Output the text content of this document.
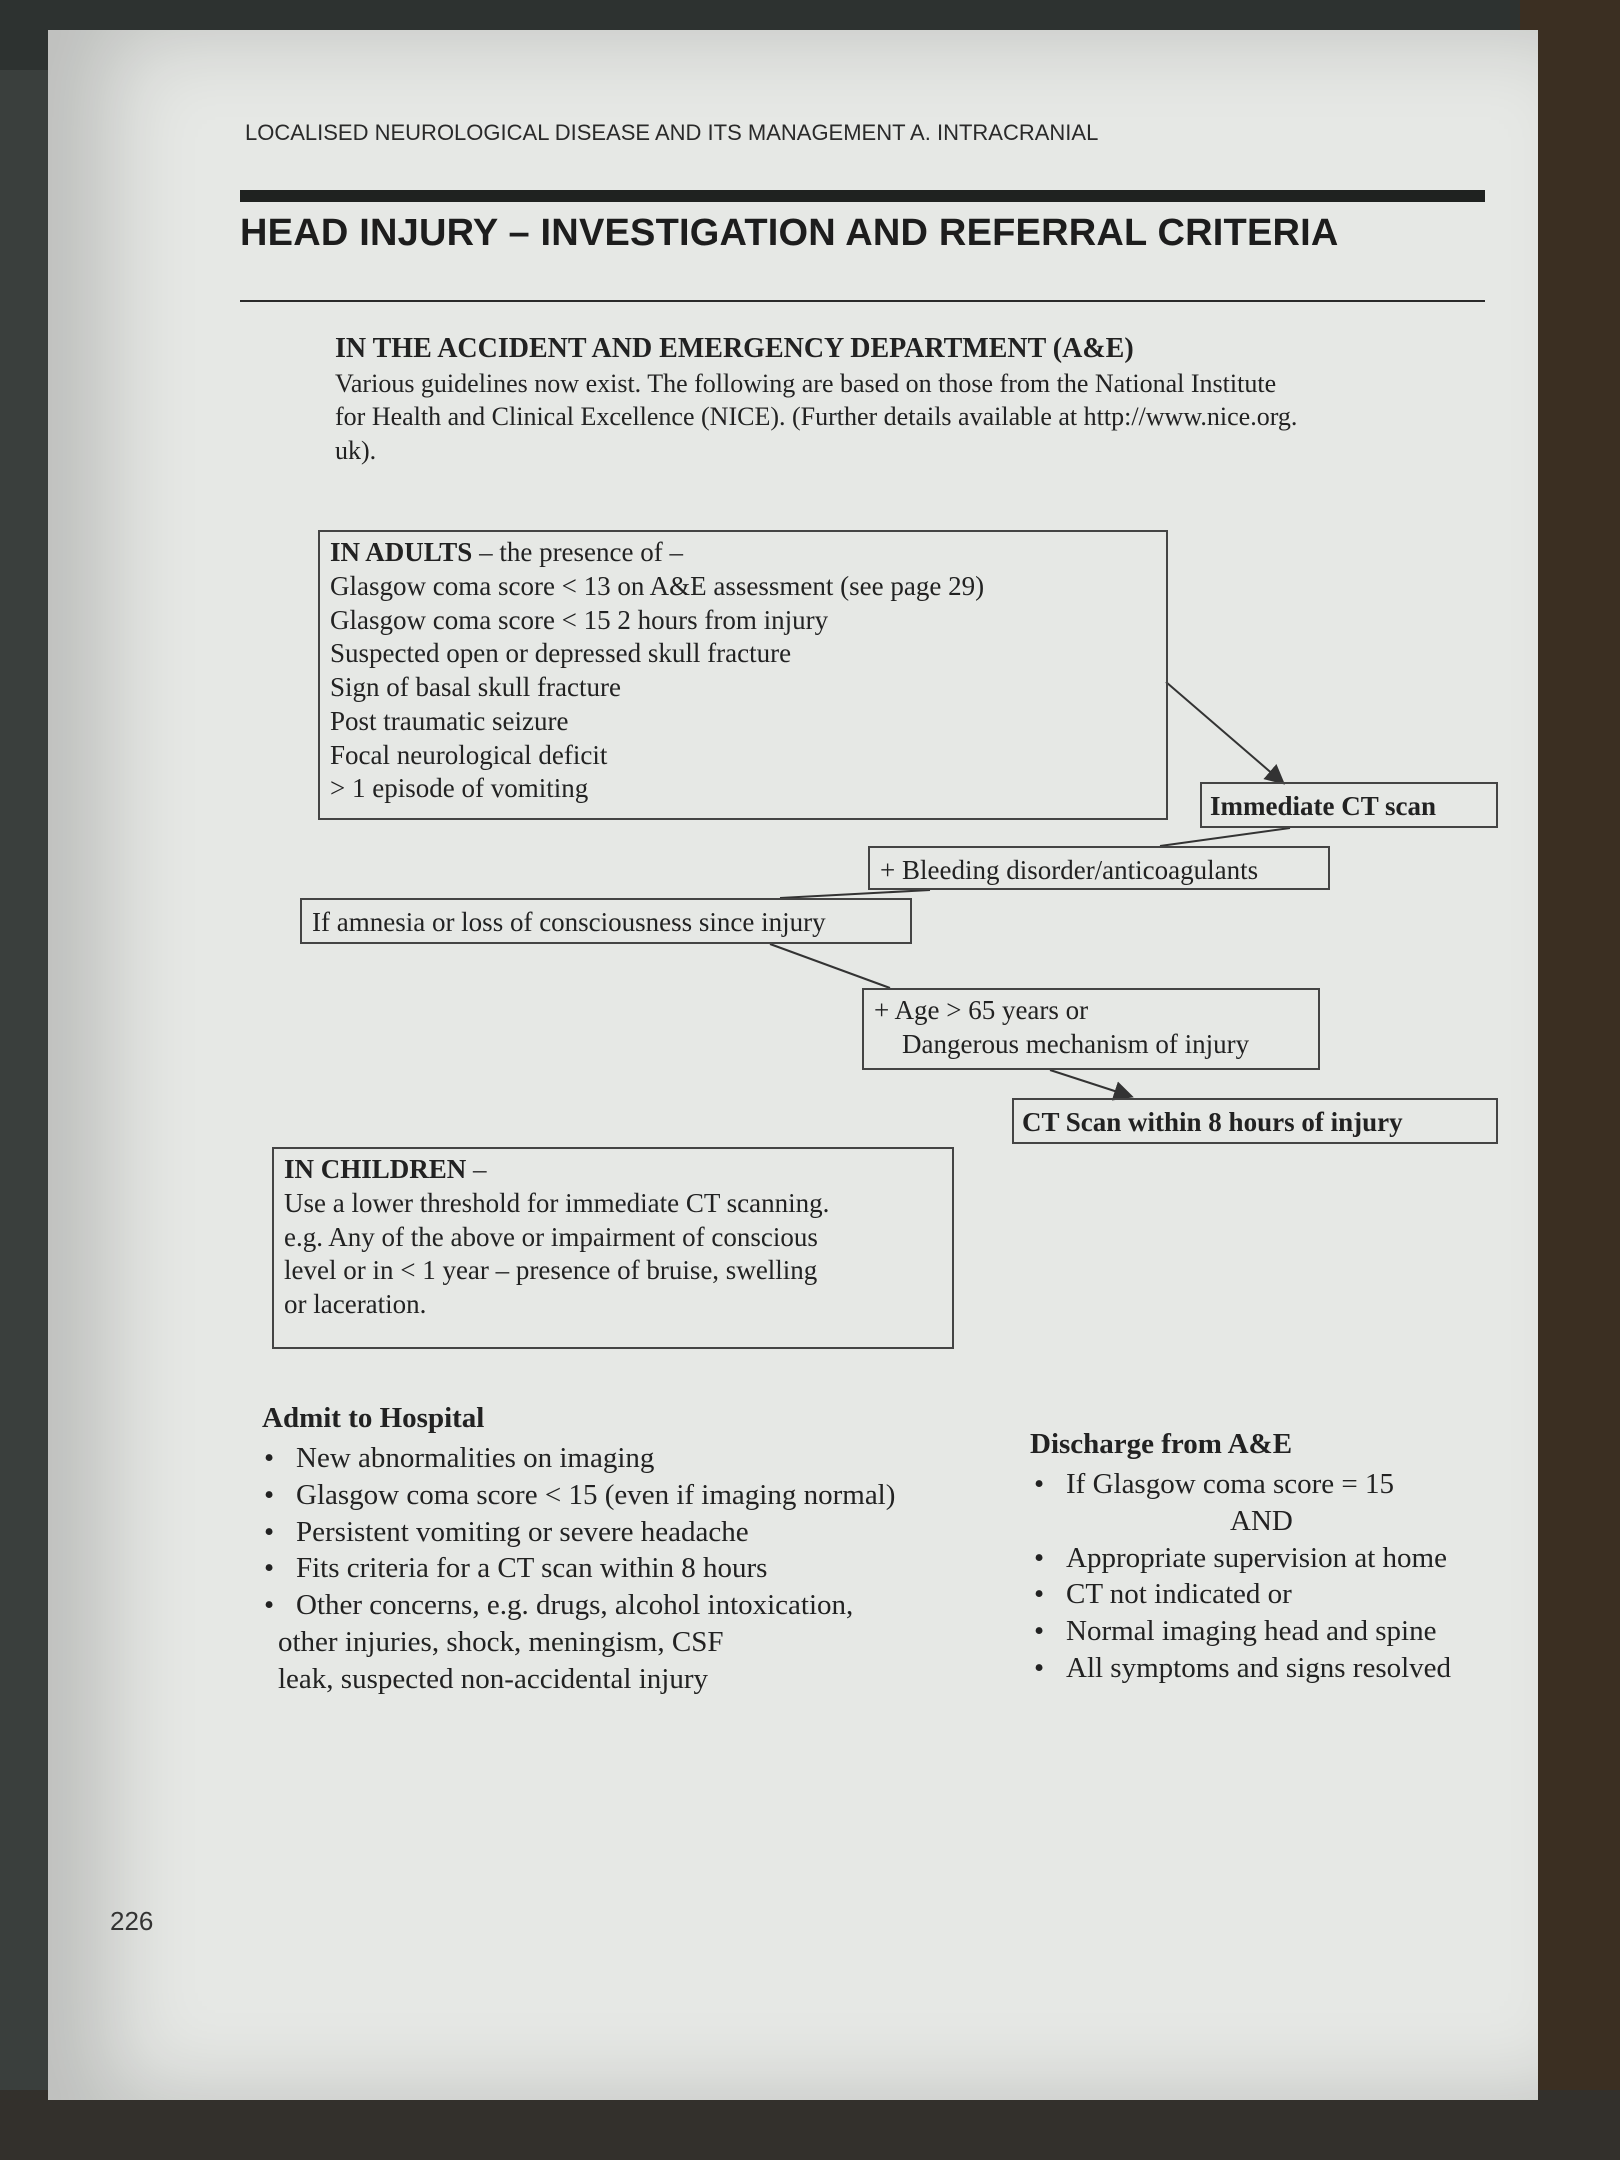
LOCALISED NEUROLOGICAL DISEASE AND ITS MANAGEMENT A. INTRACRANIAL
HEAD INJURY – INVESTIGATION AND REFERRAL CRITERIA
IN THE ACCIDENT AND EMERGENCY DEPARTMENT (A&E)
Various guidelines now exist. The following are based on those from the National Institute
for Health and Clinical Excellence (NICE). (Further details available at http://www.nice.org.
uk).
IN ADULTS – the presence of –
Glasgow coma score < 13 on A&E assessment (see page 29)
Glasgow coma score < 15 2 hours from injury
Suspected open or depressed skull fracture
Sign of basal skull fracture
Post traumatic seizure
Focal neurological deficit
> 1 episode of vomiting
Immediate CT scan
+ Bleeding disorder/anticoagulants
If amnesia or loss of consciousness since injury
+ Age > 65 years or
Dangerous mechanism of injury
CT Scan within 8 hours of injury
IN CHILDREN –
Use a lower threshold for immediate CT scanning.
e.g. Any of the above or impairment of conscious
level or in < 1 year – presence of bruise, swelling
or laceration.
Admit to Hospital
• New abnormalities on imaging
• Glasgow coma score < 15 (even if imaging normal)
• Persistent vomiting or severe headache
• Fits criteria for a CT scan within 8 hours
• Other concerns, e.g. drugs, alcohol intoxication,
other injuries, shock, meningism, CSF
leak, suspected non-accidental injury
Discharge from A&E
• If Glasgow coma score = 15
AND
• Appropriate supervision at home
• CT not indicated or
• Normal imaging head and spine
• All symptoms and signs resolved
226
